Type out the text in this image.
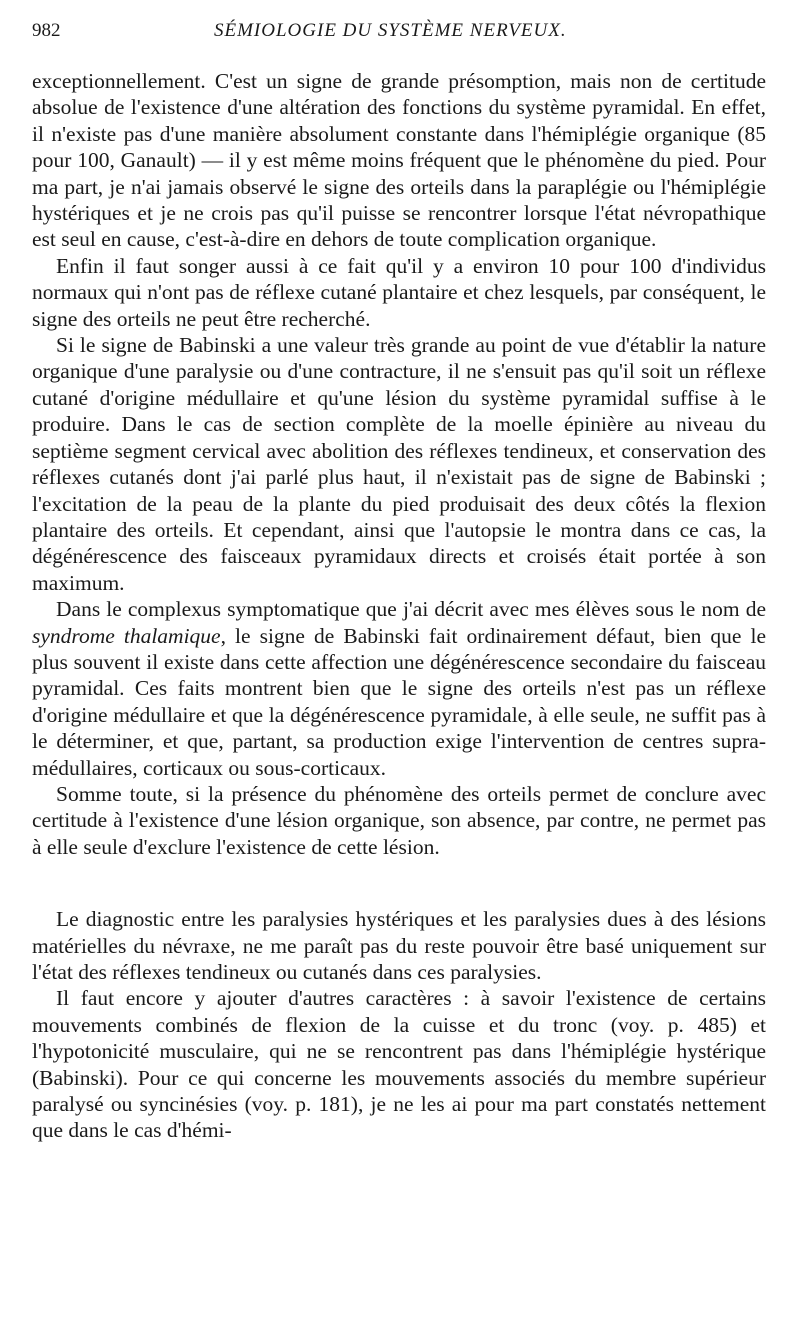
982	SÉMIOLOGIE DU SYSTÈME NERVEUX.

exceptionnellement. C'est un signe de grande présomption, mais non de certitude absolue de l'existence d'une altération des fonctions du système pyramidal. En effet, il n'existe pas d'une manière absolument constante dans l'hémiplégie organique (85 pour 100, Ganault) — il y est même moins fréquent que le phénomène du pied. Pour ma part, je n'ai jamais observé le signe des orteils dans la paraplégie ou l'hémiplégie hystériques et je ne crois pas qu'il puisse se rencontrer lorsque l'état névropathique est seul en cause, c'est-à-dire en dehors de toute complication organique.

Enfin il faut songer aussi à ce fait qu'il y a environ 10 pour 100 d'individus normaux qui n'ont pas de réflexe cutané plantaire et chez lesquels, par conséquent, le signe des orteils ne peut être recherché.

Si le signe de Babinski a une valeur très grande au point de vue d'établir la nature organique d'une paralysie ou d'une contracture, il ne s'ensuit pas qu'il soit un réflexe cutané d'origine médullaire et qu'une lésion du système pyramidal suffise à le produire. Dans le cas de section complète de la moelle épinière au niveau du septième segment cervical avec abolition des réflexes tendineux, et conservation des réflexes cutanés dont j'ai parlé plus haut, il n'existait pas de signe de Babinski ; l'excitation de la peau de la plante du pied produisait des deux côtés la flexion plantaire des orteils. Et cependant, ainsi que l'autopsie le montra dans ce cas, la dégénérescence des faisceaux pyramidaux directs et croisés était portée à son maximum.

Dans le complexus symptomatique que j'ai décrit avec mes élèves sous le nom de syndrome thalamique, le signe de Babinski fait ordinairement défaut, bien que le plus souvent il existe dans cette affection une dégénérescence secondaire du faisceau pyramidal. Ces faits montrent bien que le signe des orteils n'est pas un réflexe d'origine médullaire et que la dégénérescence pyramidale, à elle seule, ne suffit pas à le déterminer, et que, partant, sa production exige l'intervention de centres supra-médullaires, corticaux ou sous-corticaux.

Somme toute, si la présence du phénomène des orteils permet de conclure avec certitude à l'existence d'une lésion organique, son absence, par contre, ne permet pas à elle seule d'exclure l'existence de cette lésion.

Le diagnostic entre les paralysies hystériques et les paralysies dues à des lésions matérielles du névraxe, ne me paraît pas du reste pouvoir être basé uniquement sur l'état des réflexes tendineux ou cutanés dans ces paralysies.

Il faut encore y ajouter d'autres caractères : à savoir l'existence de certains mouvements combinés de flexion de la cuisse et du tronc (voy. p. 485) et l'hypotonicité musculaire, qui ne se rencontrent pas dans l'hémiplégie hystérique (Babinski). Pour ce qui concerne les mouvements associés du membre supérieur paralysé ou syncinésies (voy. p. 181), je ne les ai pour ma part constatés nettement que dans le cas d'hémi-
